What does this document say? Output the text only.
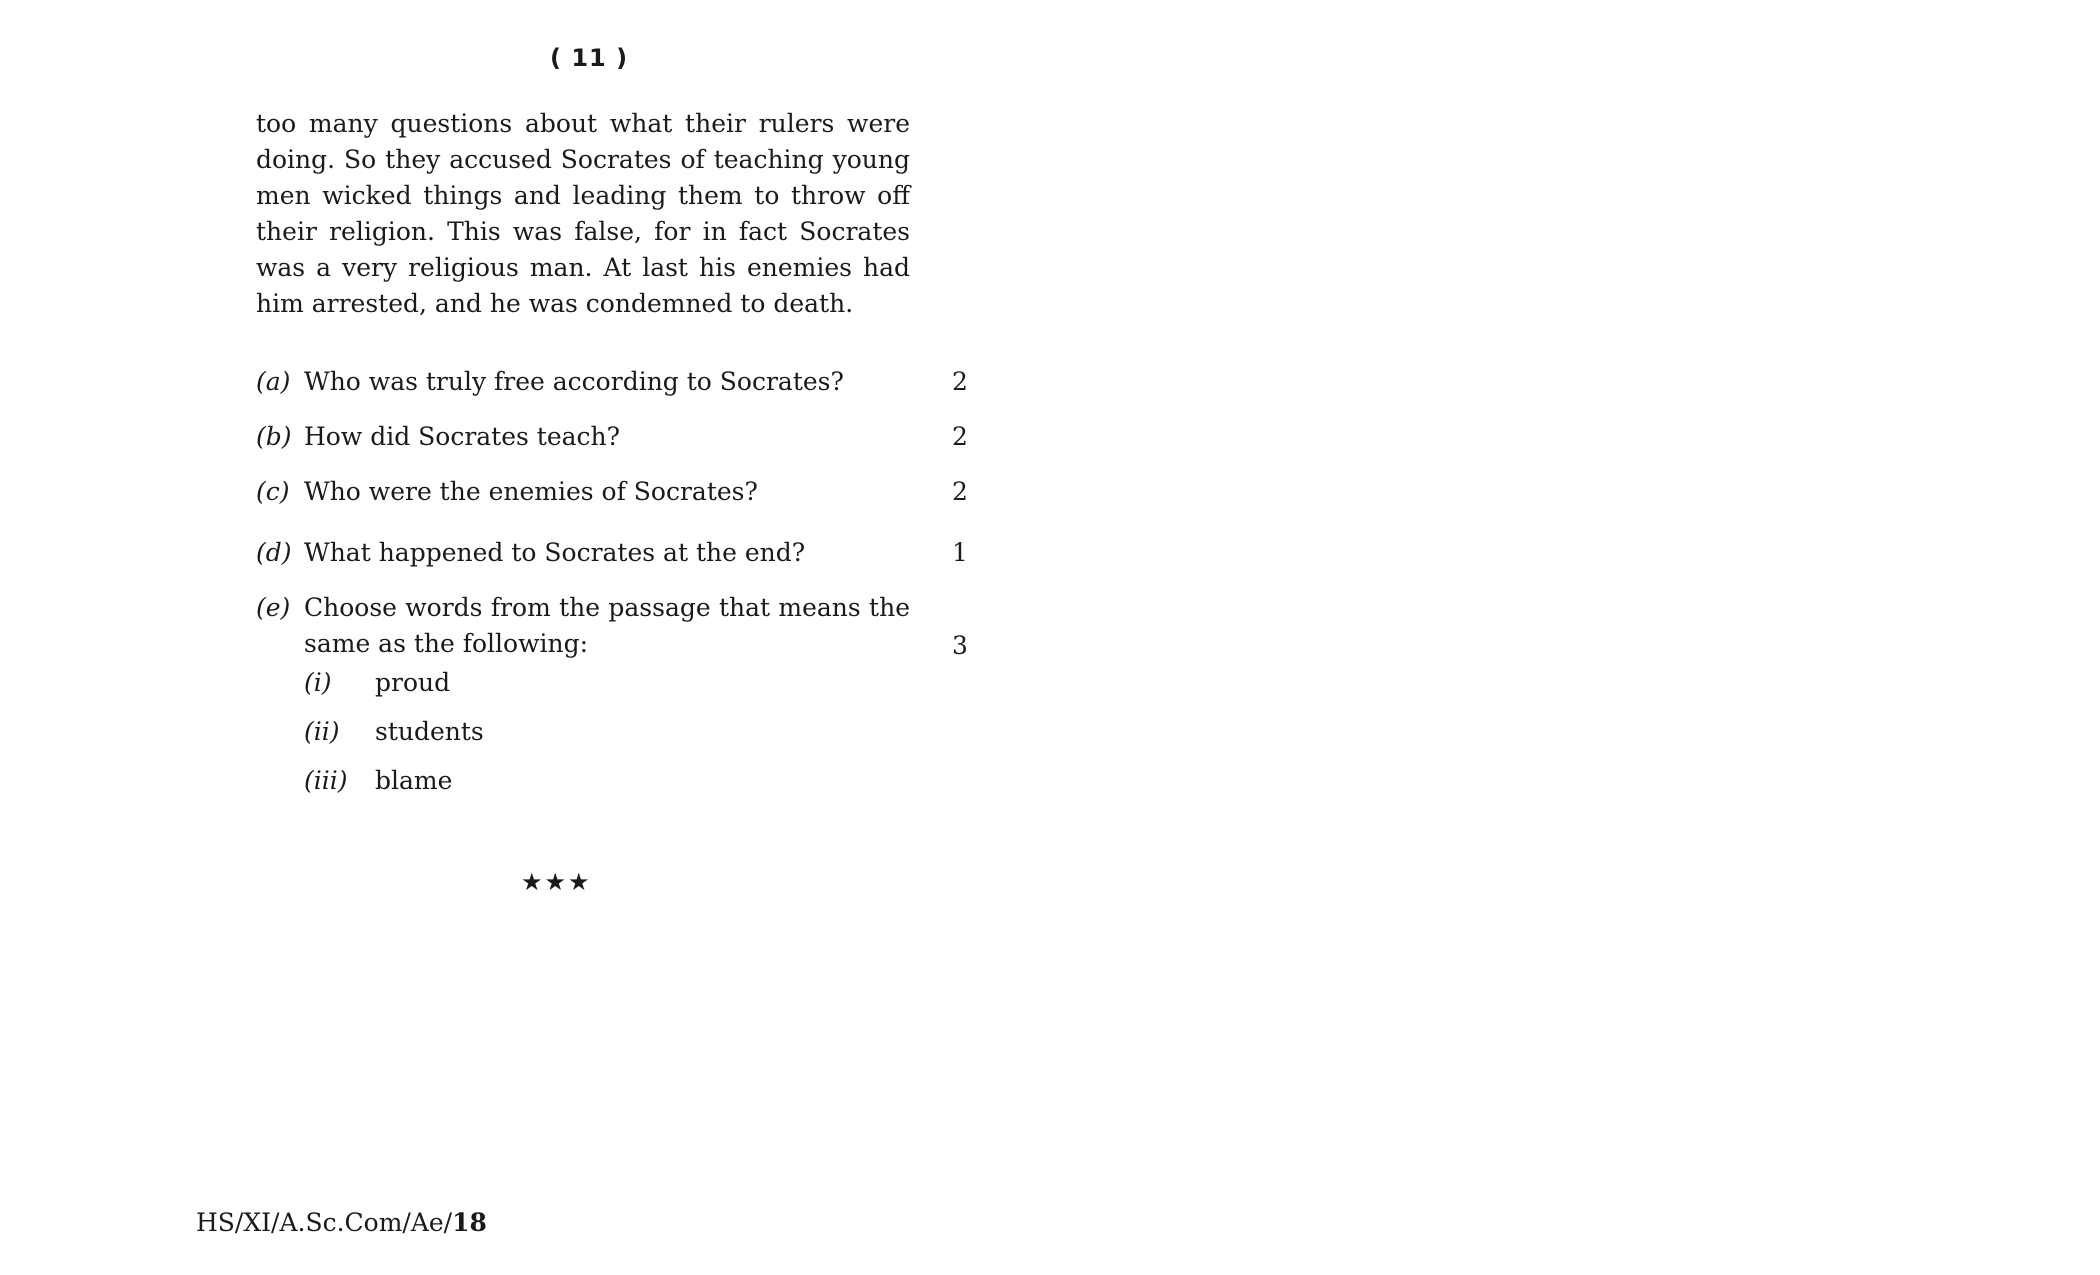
( 11 )

too many questions about what their rulers were doing. So they accused Socrates of teaching young men wicked things and leading them to throw off their religion. This was false, for in fact Socrates was a very religious man. At last his enemies had him arrested, and he was condemned to death.

(a) Who was truly free according to Socrates?	2
(b) How did Socrates teach?	2
(c) Who were the enemies of Socrates?	2
(d) What happened to Socrates at the end?	1
(e) Choose words from the passage that means the same as the following:	3
(i) proud
(ii) students
(iii) blame
★★★
HS/XI/A.Sc.Com/Ae/18
